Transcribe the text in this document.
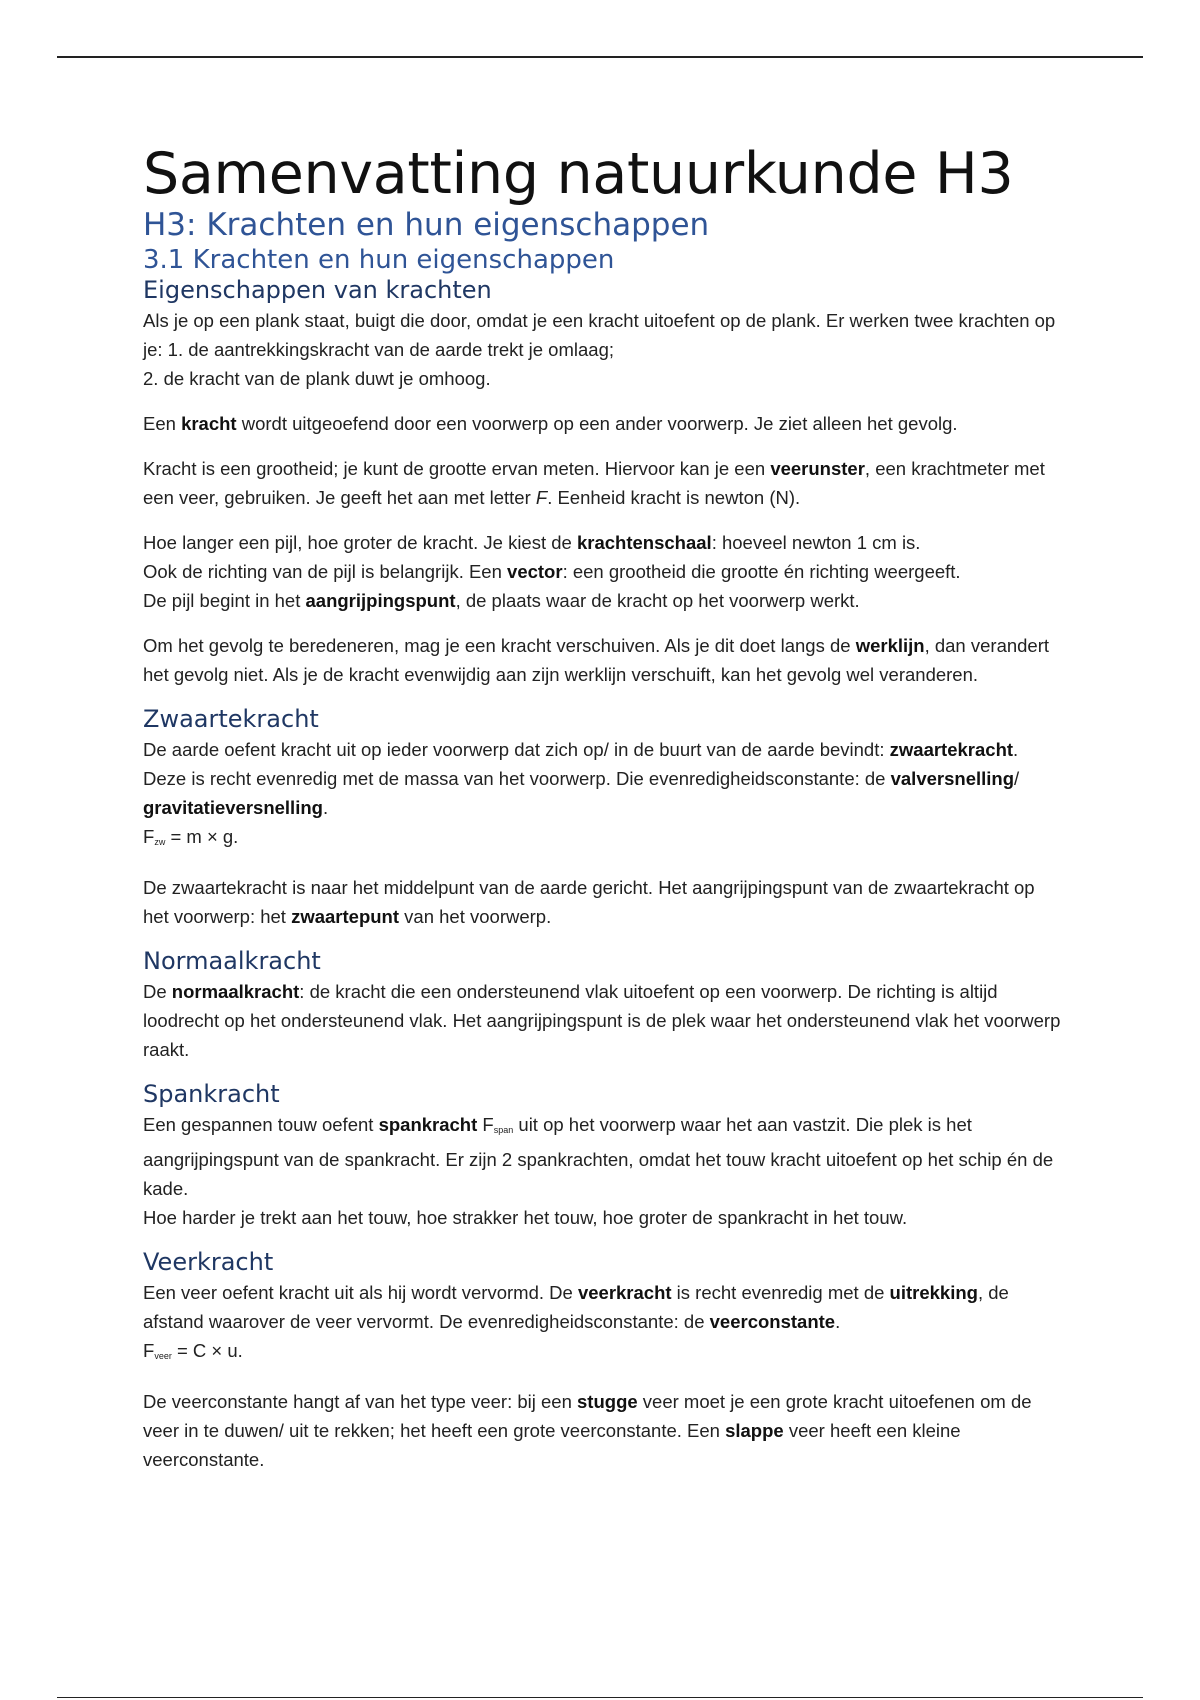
Samenvatting natuurkunde H3
H3: Krachten en hun eigenschappen
3.1 Krachten en hun eigenschappen
Eigenschappen van krachten

Als je op een plank staat, buigt die door, omdat je een kracht uitoefent op de plank. Er werken twee krachten op je: 1. de aantrekkingskracht van de aarde trekt je omlaag;
2. de kracht van de plank duwt je omhoog.

Een kracht wordt uitgeoefend door een voorwerp op een ander voorwerp. Je ziet alleen het gevolg.

Kracht is een grootheid; je kunt de grootte ervan meten. Hiervoor kan je een veerunster, een krachtmeter met een veer, gebruiken. Je geeft het aan met letter F. Eenheid kracht is newton (N).

Hoe langer een pijl, hoe groter de kracht. Je kiest de krachtenschaal: hoeveel newton 1 cm is.
Ook de richting van de pijl is belangrijk. Een vector: een grootheid die grootte én richting weergeeft.
De pijl begint in het aangrijpingspunt, de plaats waar de kracht op het voorwerp werkt.

Om het gevolg te beredeneren, mag je een kracht verschuiven. Als je dit doet langs de werklijn, dan verandert het gevolg niet. Als je de kracht evenwijdig aan zijn werklijn verschuift, kan het gevolg wel veranderen.

Zwaartekracht

De aarde oefent kracht uit op ieder voorwerp dat zich op/ in de buurt van de aarde bevindt: zwaartekracht. Deze is recht evenredig met de massa van het voorwerp. Die evenredigheidsconstante: de valversnelling/ gravitatieversnelling.
$F_{zw} = m \times g$.

De zwaartekracht is naar het middelpunt van de aarde gericht. Het aangrijpingspunt van de zwaartekracht op het voorwerp: het zwaartepunt van het voorwerp.

Normaalkracht

De normaalkracht: de kracht die een ondersteunend vlak uitoefent op een voorwerp. De richting is altijd loodrecht op het ondersteunend vlak. Het aangrijpingspunt is de plek waar het ondersteunend vlak het voorwerp raakt.

Spankracht

Een gespannen touw oefent spankracht $F_{span}$ uit op het voorwerp waar het aan vastzit. Die plek is het aangrijpingspunt van de spankracht. Er zijn 2 spankrachten, omdat het touw kracht uitoefent op het schip én de kade.
Hoe harder je trekt aan het touw, hoe strakker het touw, hoe groter de spankracht in het touw.

Veerkracht

Een veer oefent kracht uit als hij wordt vervormd. De veerkracht is recht evenredig met de uitrekking, de afstand waarover de veer vervormt. De evenredigheidsconstante: de veerconstante.
$F_{veer} = C \times u$.

De veerconstante hangt af van het type veer: bij een stugge veer moet je een grote kracht uitoefenen om de veer in te duwen/ uit te rekken; het heeft een grote veerconstante. Een slappe veer heeft een kleine veerconstante.
